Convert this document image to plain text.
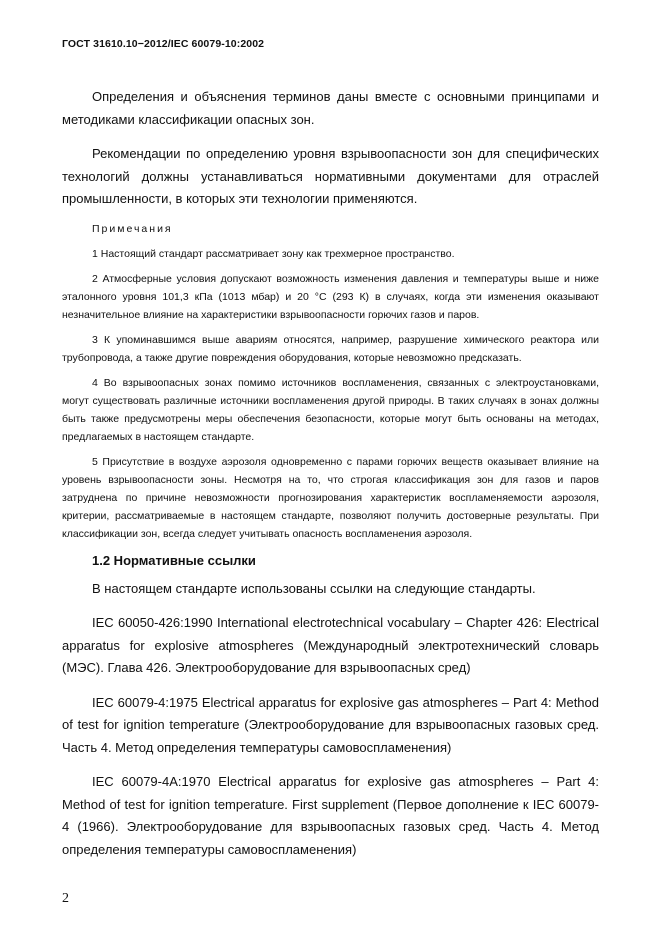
ГОСТ 31610.10−2012/IEC 60079-10:2002

Определения и объяснения терминов даны вместе с основными принципами и методиками классификации опасных зон.

Рекомендации по определению уровня взрывоопасности зон для специфических технологий должны устанавливаться нормативными документами для отраслей промышленности, в которых эти технологии применяются.

Примечания

1 Настоящий стандарт рассматривает зону как трехмерное пространство.

2 Атмосферные условия допускают возможность изменения давления и температуры выше и ниже эталонного уровня 101,3 кПа (1013 мбар) и 20 °С (293 К) в случаях, когда эти изменения оказывают незначительное влияние на характеристики взрывоопасности горючих газов и паров.

3 К упоминавшимся выше авариям относятся, например, разрушение химического реактора или трубопровода, а также другие повреждения оборудования, которые невозможно предсказать.

4 Во взрывоопасных зонах помимо источников воспламенения, связанных с электроустановками, могут существовать различные источники воспламенения другой природы. В таких случаях в зонах должны быть также предусмотрены меры обеспечения безопасности, которые могут быть основаны на методах, предлагаемых в настоящем стандарте.

5 Присутствие в воздухе аэрозоля одновременно с парами горючих веществ оказывает влияние на уровень взрывоопасности зоны. Несмотря на то, что строгая классификация зон для газов и паров затруднена по причине невозможности прогнозирования характеристик воспламеняемости аэрозоля, критерии, рассматриваемые в настоящем стандарте, позволяют получить достоверные результаты. При классификации зон, всегда следует учитывать опасность воспламенения аэрозоля.

1.2 Нормативные ссылки

В настоящем стандарте использованы ссылки на следующие стандарты.

IEC 60050-426:1990 International electrotechnical vocabulary – Chapter 426: Electrical apparatus for explosive atmospheres (Международный электротехнический словарь (МЭС). Глава 426. Электрооборудование для взрывоопасных сред)

IEC 60079-4:1975 Electrical apparatus for explosive gas atmospheres – Part 4: Method of test for ignition temperature (Электрооборудование для взрывоопасных газовых сред. Часть 4. Метод определения температуры самовоспламенения)

IEC 60079-4A:1970 Electrical apparatus for explosive gas atmospheres – Part 4: Method of test for ignition temperature. First supplement (Первое дополнение к IEC 60079-4 (1966). Электрооборудование для взрывоопасных газовых сред. Часть 4. Метод определения температуры самовоспламенения)

2
